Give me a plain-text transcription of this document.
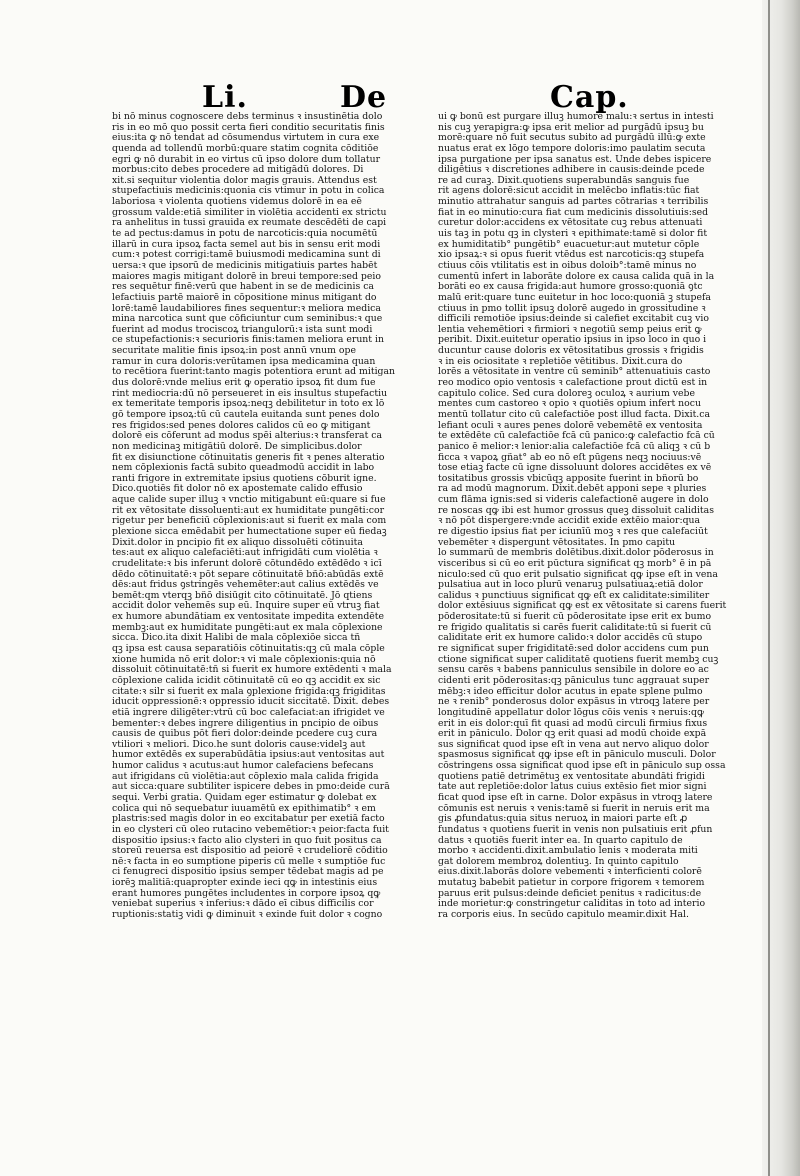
Li.	De	Cap.
bi nō minus cognoscere debs terminus ꝛ insustinētia dolo
ris in eo mō quo possit certa fieri conditio securitatis finis
eius:ita ꝙ nō tendat ad cōsumendus virtutem in cura exe
quenda ad tollendū morbū:quare statim cognita cōditiōe
egri ꝙ nō durabit in eo virtus cū ipso dolore dum tollatur
morbus:cito debes procedere ad mitigādū dolores. Di
xit.si sequitur violentia dolor magis grauis. Attendus est
stupefactiuis medicinis:quonia cis vtimur in potu in colica
laboriosa ꝛ violenta quotiens videmus dolorē in ea eē
grossum valde:etiā similiter in violētia accidenti ex strictu
ra anhelitus in tussi grauida ex reumate descēdēti de capi
te ad pectus:damus in potu de narcoticis:quia nocumētū
illarū in cura ipsoꝝ facta semel aut bis in sensu erit modi
cum:ꝛ potest corrigi:tamē buiusmodi medicamina sunt di
uersa:ꝛ que ipsorū de medicinis mitigatiuis partes habēt
maiores magis mitigant dolorē in breui tempore:sed peio
res sequētur finē:verū que habent in se de medicinis ca
lefactiuis partē maiorē in cōpositione minus mitigant do
lorē:tamē laudabiliores fines sequentur:ꝛ meliora medica
mina narcotica sunt que cōficiuntur cum seminibus:ꝛ que
fuerint ad modus trociscoꝝ triangulorū:ꝛ ista sunt modi
ce stupefactionis:ꝛ securioris finis:tamen meliora erunt in
securitate malitie finis ipsoꝝ:in post annū vnum ope
ramur in cura doloris:verūtamen ipsa medicamina quan
to recētiora fuerint:tanto magis potentiora erunt ad mitigan
dus dolorē:vnde melius erit ꝙ operatio ipsoꝝ fit dum fue
rint mediocria:dū nō perseueret in eis insultus stupefactiu
ex temeritate temporis ipsoꝝ:neqꝫ debilitetur in toto ex lō
gō tempore ipsoꝝ:tū cū cautela euitanda sunt penes dolo
res frigidos:sed penes dolores calidos cū eo ꝙ mitigant
dolorē eis cōferunt ad modus spēi alterius:ꝛ transferat ca
non medicinaꝫ mitigātiū dolorē. De simplicibus.dolor
fit ex disiunctione cōtinuitatis generis fit ꝛ penes alteratio
nem cōplexionis factā subito queadmodū accidit in labo
ranti frigore in extremitate ipsius quotiens cōburit igne.
Dico.quotiēs fit dolor nō ex apostemate calido effusio
aque calide super illuꝫ ꝛ vnctio mitigabunt eū:quare si fue
rit ex vētositate dissoluenti:aut ex humiditate pungēti:cor
rigetur per beneficiū cōplexionis:aut si fuerit ex mala com
plexione sicca emēdabit per humectatione super eū fiedaꝫ
Dixit.dolor in pncipio fit ex aliquo dissoluēti cōtinuita
tes:aut ex aliquo calefaciēti:aut infrigidāti cum violētia ꝛ
crudelitate:ꝛ bis inferunt dolorē cōtundēdo extēdēdo ꝛ icī
dēdo cōtinuitatē:ꝛ pōt separe cōtinuitatē bñō:abūdās extē
dēs:aut fridus ꝯstringēs vehemēter:aut calius extēdēs ve
bemēt:qm vterqꝫ bñō disiūgit cito cōtinuitatē. Jō qtiens
accidit dolor vehemēs sup eū. Inquire super eū vtruꝫ fiat
ex humore abundātiam ex ventositate impedita extendēte
membꝫ:aut ex humiditate pungēti:aut ex mala cōplexione
sicca. Dico.ita dixit Halibi de mala cōplexiōe sicca tñ
qꝫ ipsa est causa separatiōis cōtinuitatis:qꝫ cū mala cōple
xione humida nō erit dolor:ꝛ vi male cōplexionis:quia nō
dissoluit cōtinuitatē:tñ si fuerit ex humore extēdenti ꝛ mala
cōplexione calida icidit cōtinuitatē cū eo qꝫ accidit ex sic
citate:ꝛ silr si fuerit ex mala ꝯplexione frigida:qꝫ frigiditas
iducit oppressionē:ꝛ oppressio iducit siccitatē. Dixit. debes
etiā ingrere diligēter:vtrū cū boc calefaciat:an ifrigidet ve
bementer:ꝛ debes ingrere diligentius in pncipio de oibus
causis de quibus pōt fieri dolor:deinde pcedere cuꝫ cura
vtiliori ꝛ meliori. Dico.he sunt doloris cause:videlꝫ aut
humor extēdēs ex superabūdātia ipsius:aut ventositas aut
humor calidus ꝛ acutus:aut humor calefaciens befecans
aut ifrigidans cū violētia:aut cōplexio mala calida frigida
aut sicca:quare subtiliter ispicere debes in pmo:deide curā
sequi. Verbi gratia. Quidam eger estimatur ꝙ dolebat ex
colica qui nō sequebatur iuuamētū ex epithimatib° ꝛ em
plastris:sed magis dolor in eo excitabatur per exetiā facto
in eo clysteri cū oleo rutacino vebemētior:ꝛ peior:facta fuit
dispositio ipsius:ꝛ facto alio clysteri in quo fuit positus ca
storeū reuersa est dispositio ad peiorē ꝛ crudeliorē cōditio
nē:ꝛ facta in eo sumptione piperis cū melle ꝛ sumptiōe fuc
ci fenugreci dispositio ipsius semper tēdebat magis ad pe
iorēꝫ malitiā:quapropter exinde ieci qꝙ in intestinis eius
erant humores pungētes includentes in corpore ipsoꝝ qꝙ
veniebat superius ꝛ inferius:ꝛ dādo eī cibus difficilis cor
ruptionis:statiꝫ vidi ꝙ diminuit ꝛ exinde fuit dolor ꝛ cogno
ui ꝙ bonū est purgare illuꝫ humorē malu:ꝛ sertus in intesti
nis cuꝫ yerapigra:ꝙ ipsa erit melior ad purgādū ipsuꝫ bu
morē:quare nō fuit secutus subito ad purgādū illū:ꝙ exte
nuatus erat ex lōgo tempore doloris:imo paulatim secuta
ipsa purgatione per ipsa sanatus est. Unde debes ispicere
diligētius ꝛ discretiones adhibere in causis:deinde pcede
re ad curaꝫ. Dixit.quotiens superabundās sanguis fue
rit agens dolorē:sicut accidit in melēcbo inflatis:tūc fiat
minutio attrahatur sanguis ad partes cōtrarias ꝛ terribilis
fiat in eo minutio:cura fiat cum medicinis dissolutiuis:sed
curetur dolor:accidens ex vētositate cuꝫ rebus attenuati
uis taꝫ in potu qꝫ in clysteri ꝛ epithimate:tamē si dolor fit
ex humiditatib° pungētib° euacuetur:aut mutetur cōple
xio ipsaꝝ:ꝛ si opus fuerit vtēdus est narcoticis:qꝫ stupefa
ctiuus cōis vtilitatis est in oibus doloib°:tamē minus no
cumentū infert in laborāte dolore ex causa calida quā in la
borāti eo ex causa frigida:aut humore grosso:quoniā ꝯtc
malū erit:quare tunc euitetur in hoc loco:quoniā ꝫ stupefa
ctiuus in pmo tollit ipsuꝫ dolorē augedo in grossitudine ꝛ
difficili remotiōe ipsius:deinde si calefiet excitabit cuꝫ vio
lentia vehemētiori ꝛ firmiori ꝛ negotiū semp peius erit ꝙ
peribit. Dixit.euitetur operatio ipsius in ipso loco in quo i
ducuntur cause doloris ex vētositatibus grossis ꝛ frigidis
ꝛ in eis ociositate ꝛ repletiōe vētitibus. Dixit.cura do
lorēs a vētositate in ventre cū seminib° attenuatiuis casto
reo modico opio ventosis ꝛ calefactione prout dictū est in
capitulo colice. Sed cura doloreꝫ oculoꝝ ꝛ aurium vebe
mentes cum castoreo ꝛ opio ꝛ quotiēs opium infert nocu
mentū tollatur cito cū calefactiōe post illud facta. Dixit.ca
lefiant oculi ꝛ aures penes dolorē vebemētē ex ventosita
te extēdēte cū calefactiōe fcā cū panico:ꝙ calefactio fcā cū
panico ē melior:ꝛ lenior:alia calefactiōe fcā cū aliqꝫ ꝛ cū b
ficca ꝛ vapoꝝ gñat° ab eo nō eſt pūgens neqꝫ nociuus:vē
tose etiaꝫ facte cū igne dissoluunt dolores accidētes ex vē
tositatibus grossis vbicūqꝫ apposite fuerint in bñorū bo
ra ad modū magnorum. Dixit.debēt apponi sepe ꝛ pluries
cum flāma ignis:sed si videris calefactionē augere in dolo
re noscas qꝙ ibi est humor grossus queꝫ dissoluit caliditas
ꝛ nō pōt dispergere:vnde accidit exide extēio maior:qua
re digestio ipsius fiat per iciunīū moꝫ ꝛ res que calefaciūt
vebemēter ꝛ dispergunt vētositates. In pmo capitu
lo summarū de membris dolētibus.dixit.dolor pōderosus in
visceribus si cū eo erit pūctura significat qꝫ morb° ē in pā
niculo:sed cū quo erit pulsatio significat qꝙ ipse eſt in vena
pulsatiua aut in loco plurū venaruꝫ pulsatiuaꝝ:etiā dolor
calidus ꝛ punctiuus significat qꝙ eſt ex caliditate:similiter
dolor extēsiuus significat qꝙ est ex vētositate si carens fuerit
pōderositate:tū si fuerit cū pōderositate ipse erit ex bumo
re frigido qualitatis si carēs fuerit caliditate:tū si fuerit cū
caliditate erit ex humore calido:ꝛ dolor accidēs cū stupo
re significat super frigiditatē:sed dolor accidens cum pun
ctione significat super caliditatē quotiens fuerit membꝫ cuꝫ
sensu carēs ꝛ babens panniculus sensibile in dolore eo ac
cidenti erit pōderositas:qꝫ pāniculus tunc aggrauat super
mēbꝫ:ꝛ ideo efficitur dolor acutus in epate splene pulmo
ne ꝛ renib° ponderosus dolor expāsus in vtroqꝫ latere per
longitudinē appellatur dolor lōgus cōis venis ꝛ neruis:qꝙ
erit in eis dolor:quī fit quasi ad modū circuli firmius fixus
erit in pāniculo. Dolor qꝫ erit quasi ad modū choide expā
sus significat quod ipse eſt in vena aut nervo aliquo dolor
spasmosus significat qꝙ ipse eſt in pāniculo musculi. Dolor
cōstringens ossa significat quod ipse eſt in pāniculo sup ossa
quotiens patiē detrimētuꝫ ex ventositate abundāti frigidi
tate aut repletiōe:dolor latus cuius extēsio fiet mior signi
ficat quod ipse eſt in carne. Dolor expāsus in vtroqꝫ latere
cōmunis est neruis ꝛ venis:tamē si fuerit in neruis erit ma
gis ꝓfundatus:quia situs neruoꝝ in maiori parte eſt ꝓ
fundatus ꝛ quotiens fuerit in venis non pulsatiuis erit ꝓfun
datus ꝛ quotiēs fuerit inter ea. In quarto capitulo de
morbo ꝛ accidenti.dixit.ambulatio lenis ꝛ moderata miti
gat dolorem membroꝝ dolentiuꝫ. In quinto capitulo
eius.dixit.laborās dolore vebementi ꝛ interficienti colorē
mutatuꝫ babebit patietur in corpore frigorem ꝛ temorem
paruus erit pulsus:deinde deficiet penitus ꝛ radicitus:de
inde morietur:ꝙ constringetur caliditas in toto ad interio
ra corporis eius. In secūdo capitulo meamir.dixit Hal.
